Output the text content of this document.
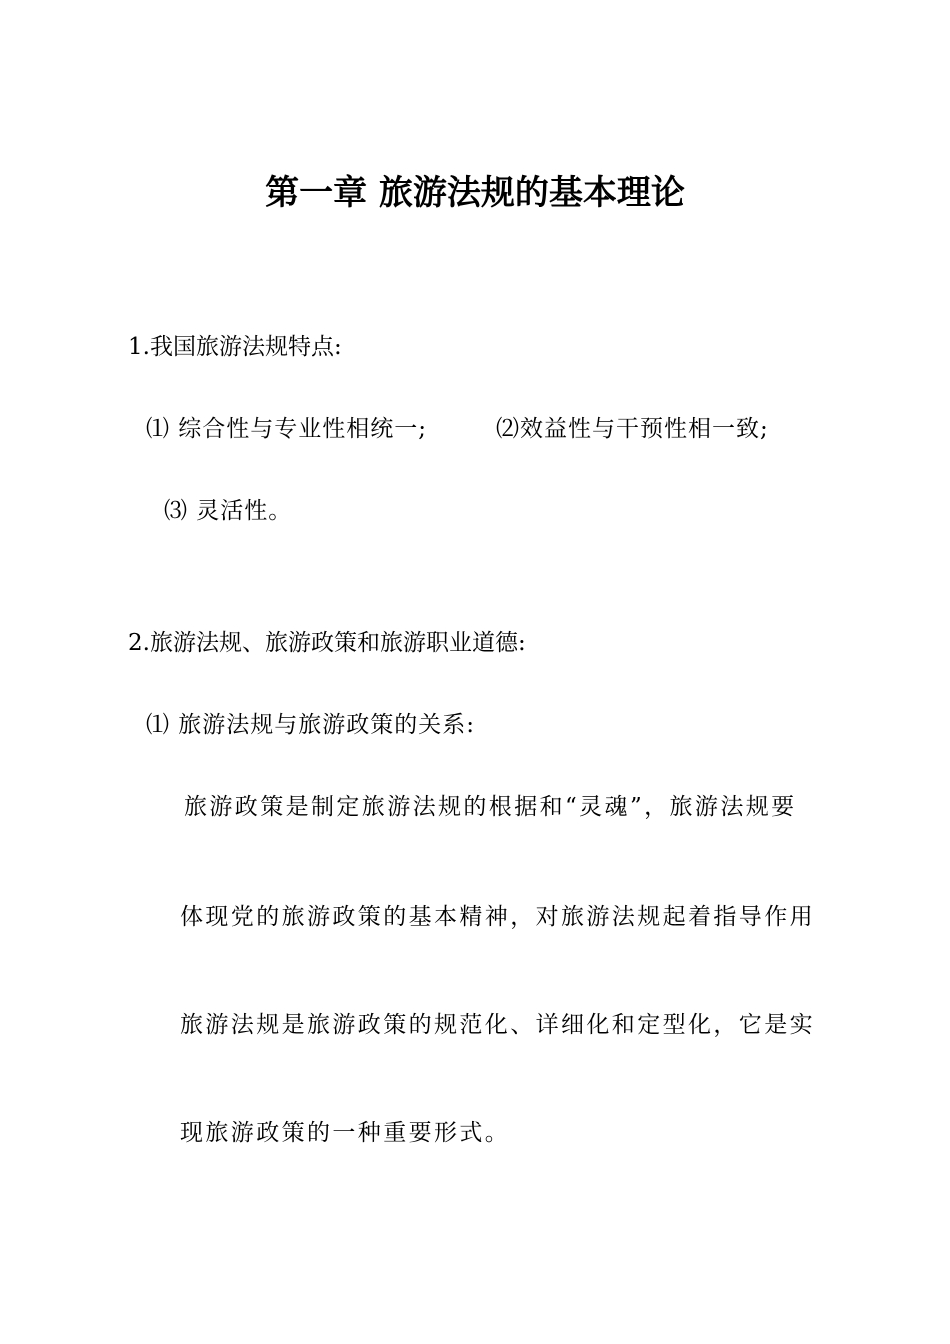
第一章 旅游法规的基本理论
1.我国旅游法规特点:
⑴ 综合性与专业性相统一;	⑵效益性与干预性相一致;
⑶ 灵活性。
2.旅游法规、旅游政策和旅游职业道德:
⑴ 旅游法规与旅游政策的关系:
旅游政策是制定旅游法规的根据和“灵魂”，旅游法规要
体现党的旅游政策的基本精神，对旅游法规起着指导作用
旅游法规是旅游政策的规范化、详细化和定型化，它是实
现旅游政策的一种重要形式。
